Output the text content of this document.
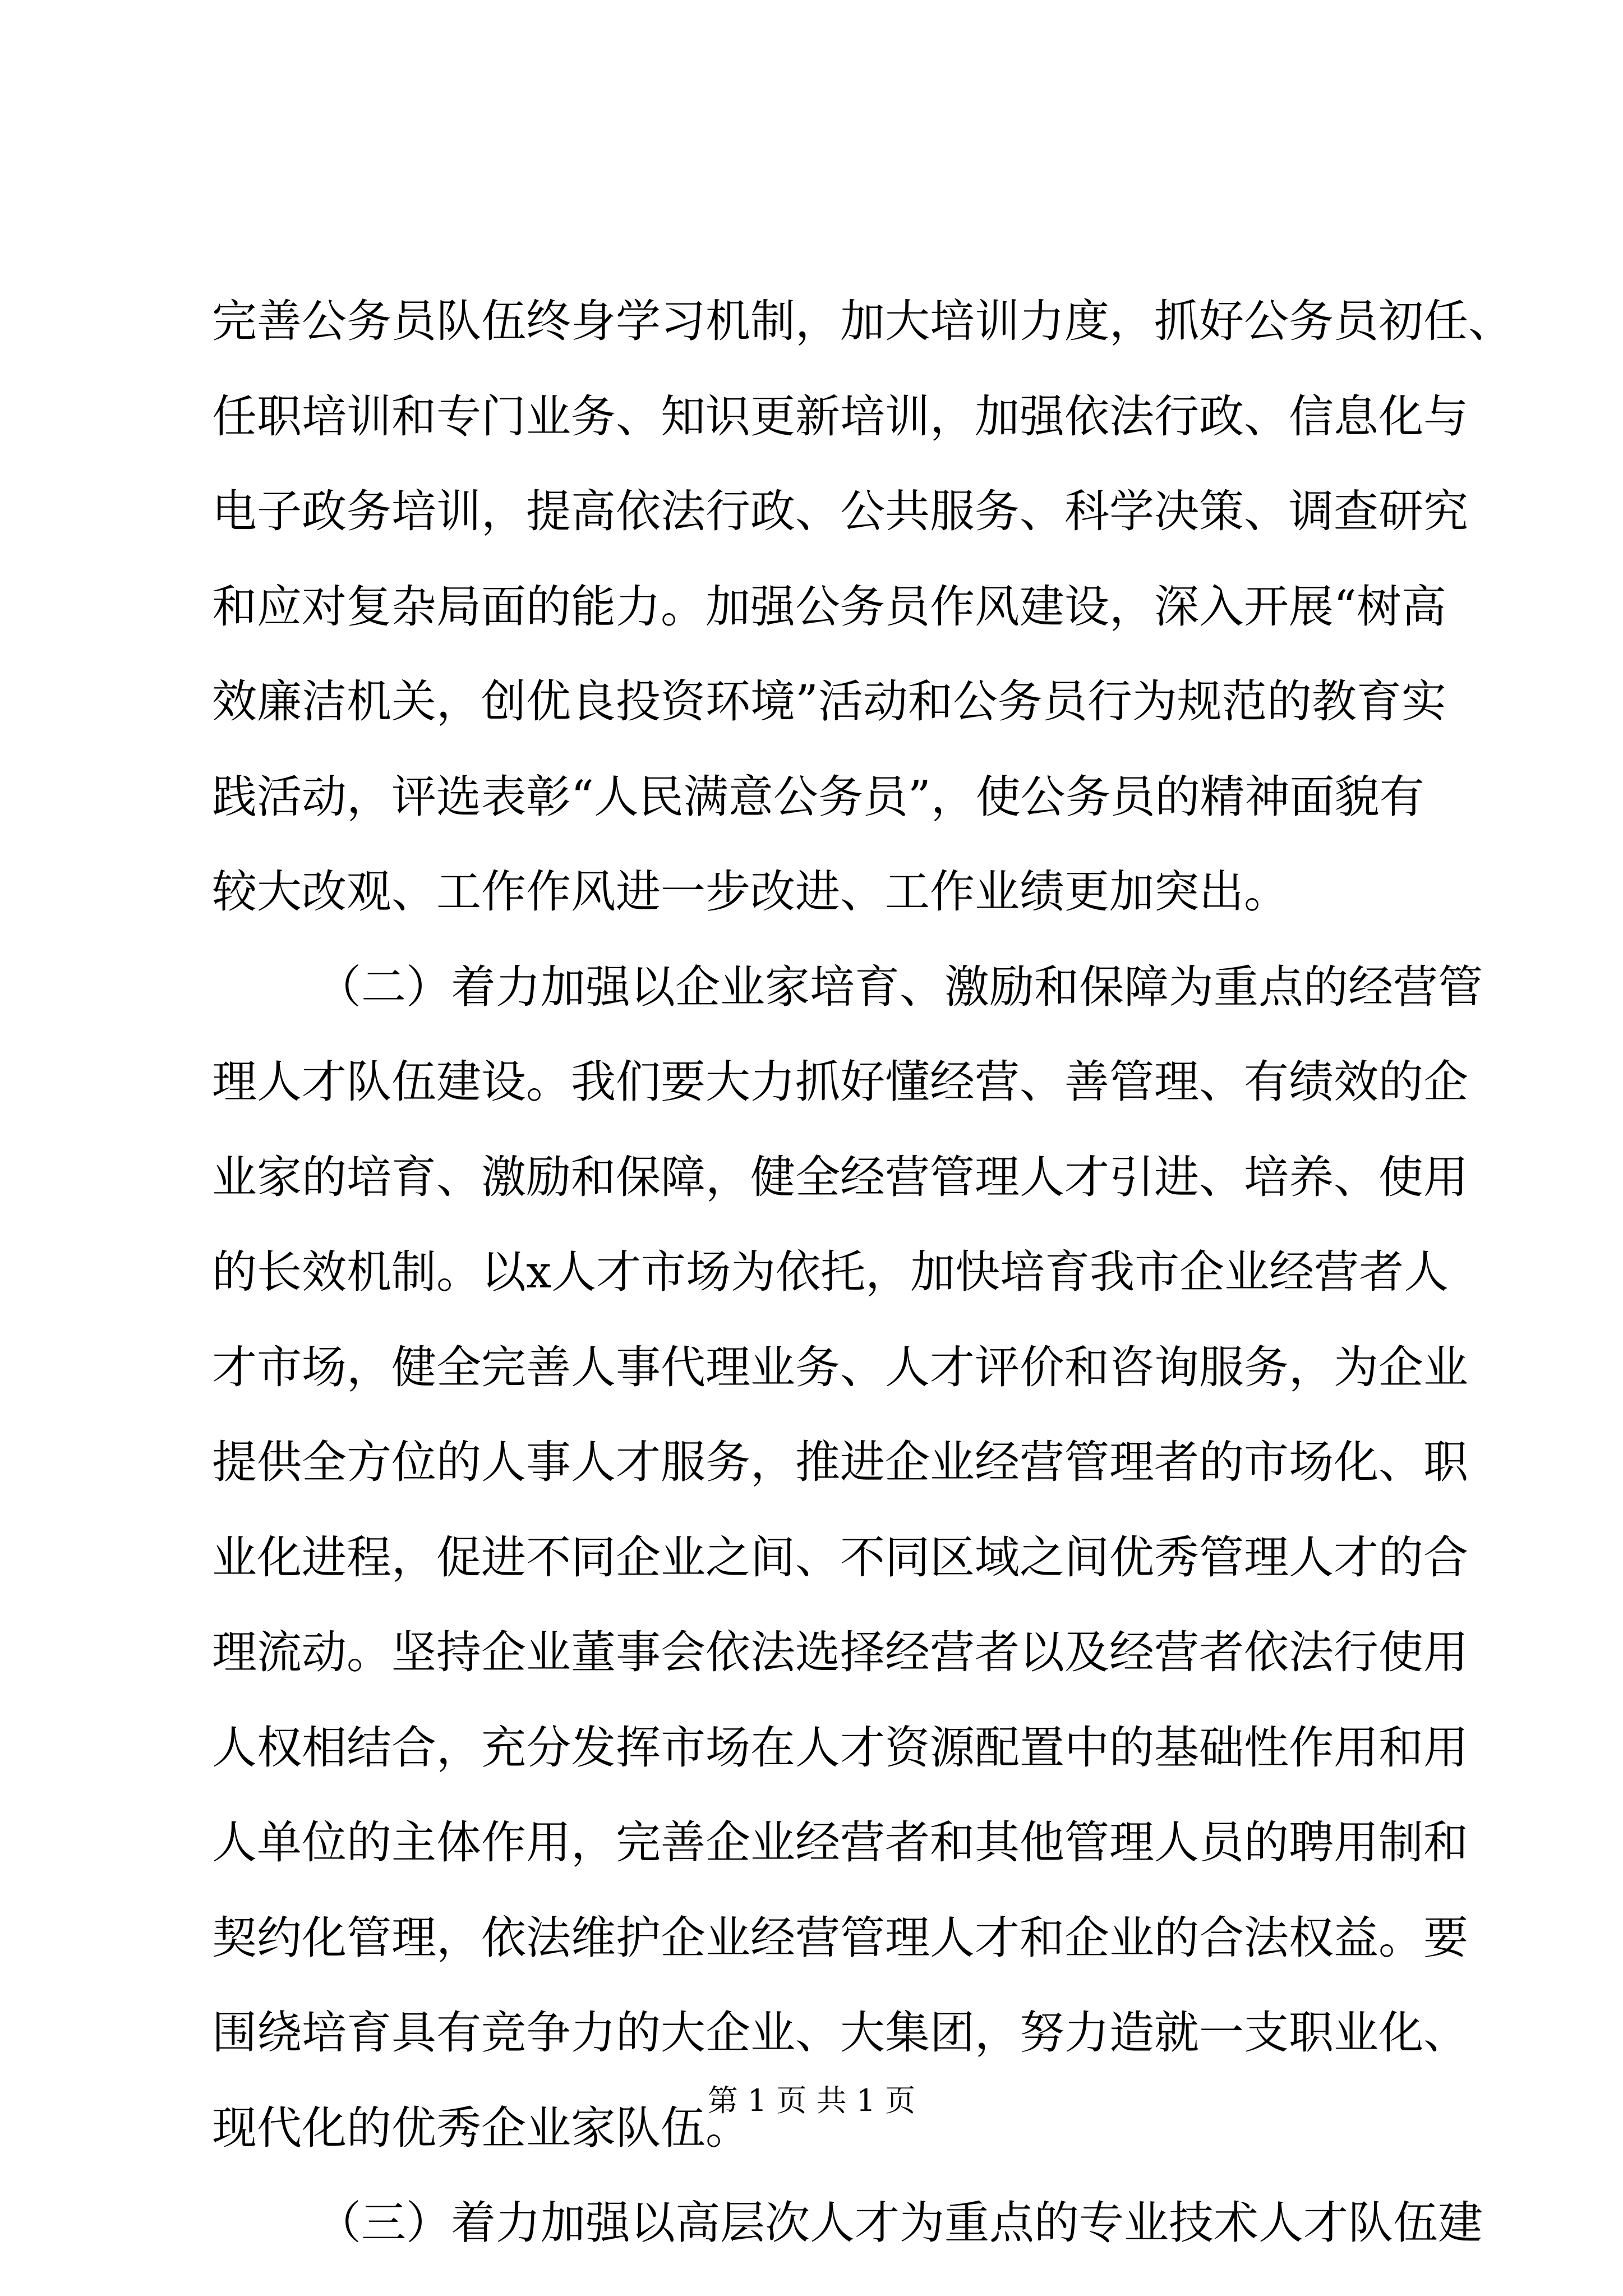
完善公务员队伍终身学习机制，加大培训力度，抓好公务员初任、
任职培训和专门业务、知识更新培训，加强依法行政、信息化与
电子政务培训，提高依法行政、公共服务、科学决策、调查研究
和应对复杂局面的能力。加强公务员作风建设，深入开展“树高
效廉洁机关，创优良投资环境”活动和公务员行为规范的教育实
践活动，评选表彰“人民满意公务员”，使公务员的精神面貌有
较大改观、工作作风进一步改进、工作业绩更加突出。
（二）着力加强以企业家培育、激励和保障为重点的经营管
理人才队伍建设。我们要大力抓好懂经营、善管理、有绩效的企
业家的培育、激励和保障，健全经营管理人才引进、培养、使用
的长效机制。以x人才市场为依托，加快培育我市企业经营者人
才市场，健全完善人事代理业务、人才评价和咨询服务，为企业
提供全方位的人事人才服务，推进企业经营管理者的市场化、职
业化进程，促进不同企业之间、不同区域之间优秀管理人才的合
理流动。坚持企业董事会依法选择经营者以及经营者依法行使用
人权相结合，充分发挥市场在人才资源配置中的基础性作用和用
人单位的主体作用，完善企业经营者和其他管理人员的聘用制和
契约化管理，依法维护企业经营管理人才和企业的合法权益。要
围绕培育具有竞争力的大企业、大集团，努力造就一支职业化、
现代化的优秀企业家队伍。
（三）着力加强以高层次人才为重点的专业技术人才队伍建
第 1 页 共 1 页
